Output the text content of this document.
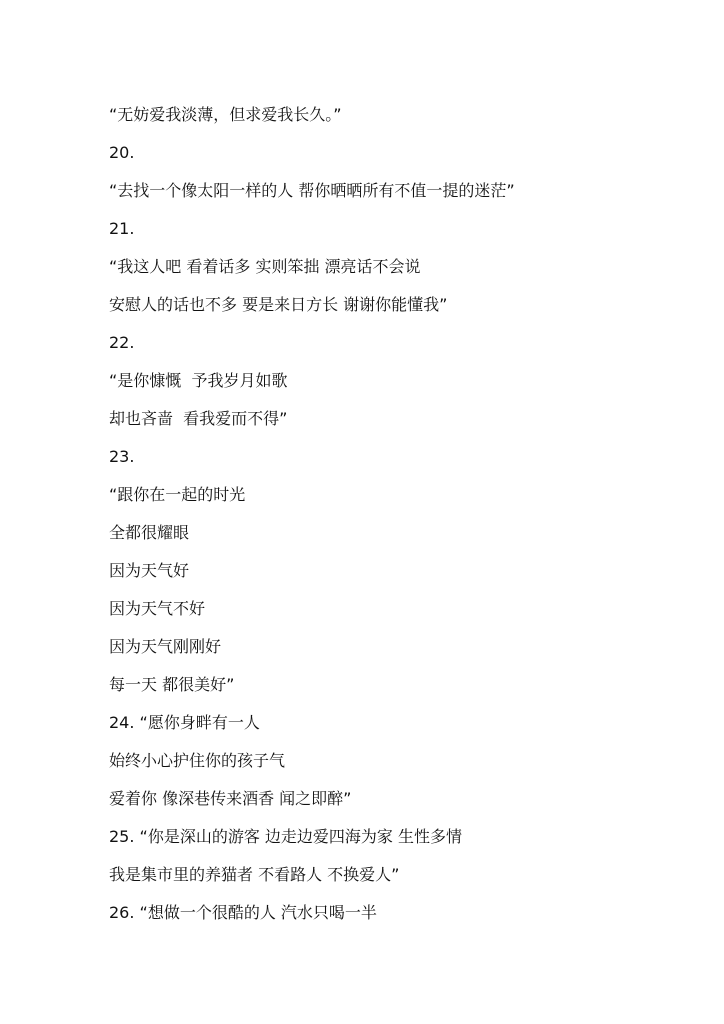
“无妨爱我淡薄，但求爱我长久。”
20.
“去找一个像太阳一样的人 帮你晒晒所有不值一提的迷茫”
21.
“我这人吧 看着话多 实则笨拙 漂亮话不会说
安慰人的话也不多 要是来日方长 谢谢你能懂我”
22.
“是你慷慨  予我岁月如歌
却也吝啬  看我爱而不得”
23.
“跟你在一起的时光
全都很耀眼
因为天气好
因为天气不好
因为天气刚刚好
每一天 都很美好”
24. “愿你身畔有一人
始终小心护住你的孩子气
爱着你 像深巷传来酒香 闻之即醉”
25. “你是深山的游客 边走边爱四海为家 生性多情
我是集市里的养猫者 不看路人 不换爱人”
26. “想做一个很酷的人 汽水只喝一半
